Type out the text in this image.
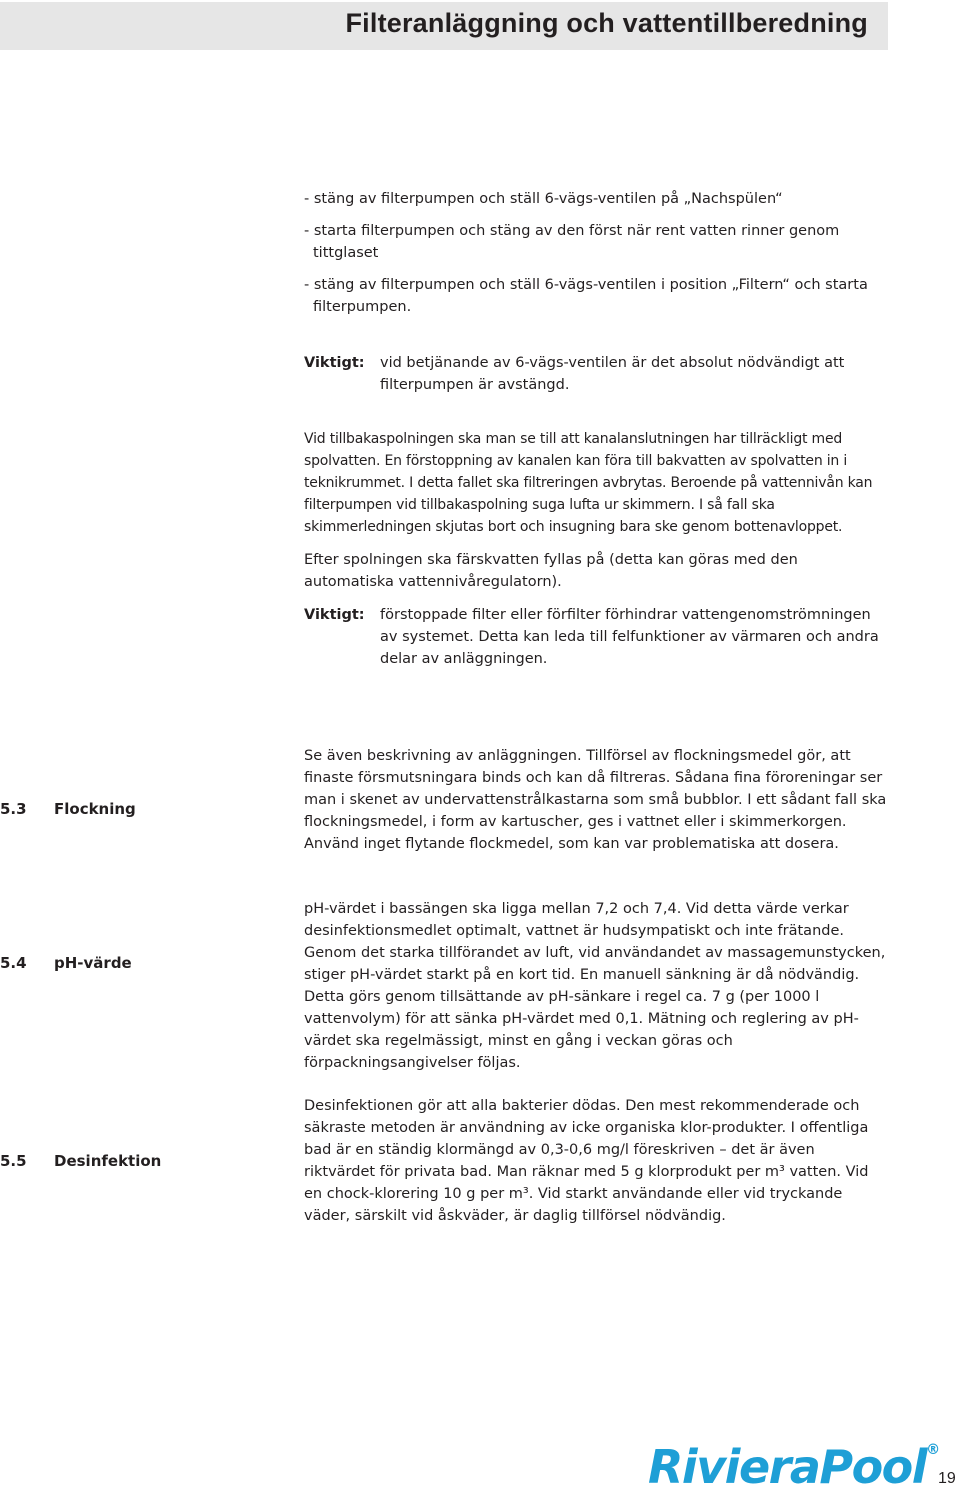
Filteranläggning och vattentillberedning
- stäng av filterpumpen och ställ 6-vägs-ventilen på „Nachspülen“
- starta filterpumpen och stäng av den först när rent vatten rinner genom tittglaset
- stäng av filterpumpen och ställ 6-vägs-ventilen i position „Filtern“ och starta filterpumpen.
Viktigt:	vid betjänande av 6-vägs-ventilen är det absolut nödvändigt att filterpumpen är avstängd.
Vid tillbakaspolningen ska man se till att kanalanslutningen har tillräckligt med spolvatten. En förstoppning av kanalen kan föra till bakvatten av spolvatten in i teknikrummet. I detta fallet ska filtreringen avbrytas. Beroende på vattennivån kan filterpumpen vid tillbakaspolning suga lufta ur skimmern. I så fall ska skimmerledningen skjutas bort och insugning bara ske genom bottenavloppet.
Efter spolningen ska färskvatten fyllas på (detta kan göras med den automatiska vattennivåregulatorn).
Viktigt:	förstoppade filter eller förfilter förhindrar vattengenomströmningen av systemet. Detta kan leda till felfunktioner av värmaren och andra delar av anläggningen.
5.3	Flockning
Se även beskrivning av anläggningen. Tillförsel av flockningsmedel gör, att finaste försmutsningara binds och kan då filtreras. Sådana fina föroreningar ser man i skenet av undervattenstrålkastarna som små bubblor. I ett sådant fall ska flockningsmedel, i form av kartuscher, ges i vattnet eller i skimmerkorgen. Använd inget flytande flockmedel, som kan var problematiska att dosera.
5.4	pH-värde
pH-värdet i bassängen ska ligga mellan 7,2 och 7,4. Vid detta värde verkar desinfektionsmedlet optimalt, vattnet är hudsympatiskt och inte frätande. Genom det starka tillförandet av luft, vid användandet av massagemunstycken, stiger pH-värdet starkt på en kort tid. En manuell sänkning är då nödvändig. Detta görs genom tillsättande av pH-sänkare i regel ca. 7 g (per 1000 l vattenvolym) för att sänka pH-värdet med 0,1. Mätning och reglering av pH-värdet ska regelmässigt, minst en gång i veckan göras och förpackningsangivelser följas.
5.5	Desinfektion
Desinfektionen gör att alla bakterier dödas. Den mest rekommenderade och säkraste metoden är användning av icke organiska klor-produkter. I offentliga bad är en ständig klormängd av 0,3-0,6 mg/l föreskriven – det är även riktvärdet för privata bad. Man räknar med 5 g klorprodukt per m³ vatten. Vid en chock-klorering 10 g per m³. Vid starkt användande eller vid tryckande väder, särskilt vid åskväder, är daglig tillförsel nödvändig.
RivieraPool®
19
